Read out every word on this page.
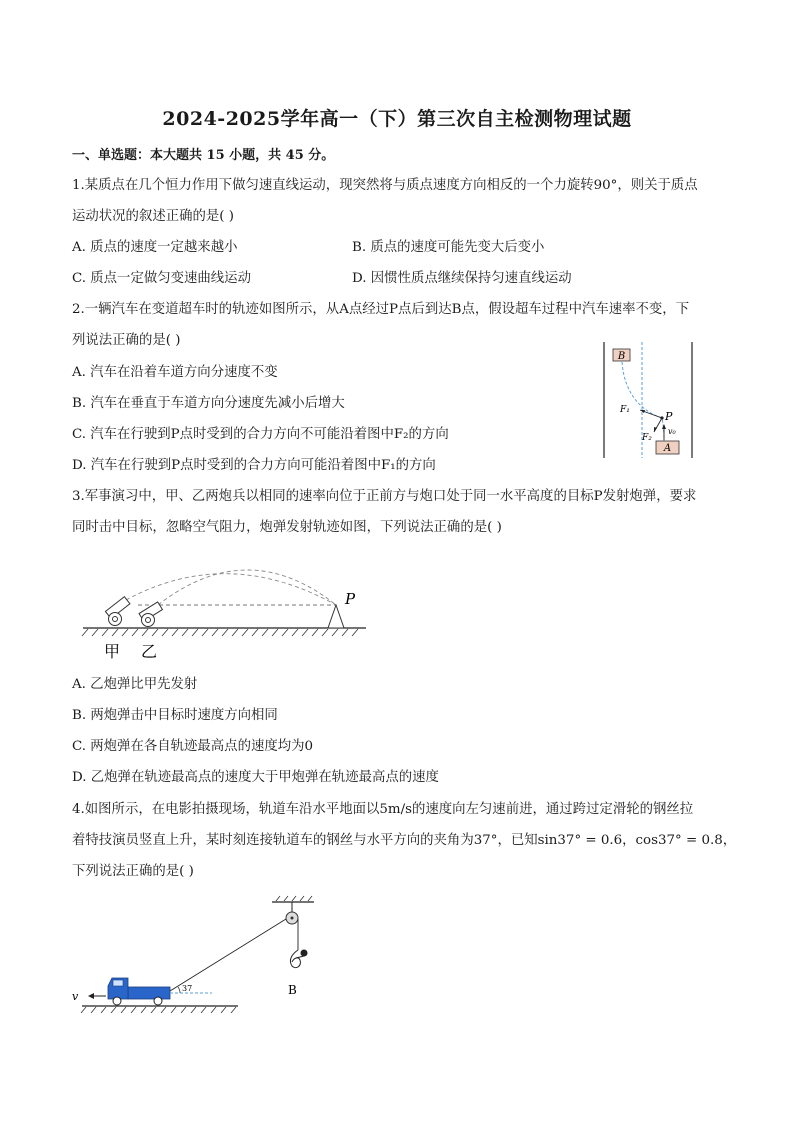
2024-2025学年高一（下）第三次自主检测物理试题
一、单选题：本大题共 15 小题，共 45 分。
1.某质点在几个恒力作用下做匀速直线运动，现突然将与质点速度方向相反的一个力旋转90°，则关于质点
运动状况的叙述正确的是( )
A. 质点的速度一定越来越小	B. 质点的速度可能先变大后变小
C. 质点一定做匀变速曲线运动	D. 因惯性质点继续保持匀速直线运动
2.一辆汽车在变道超车时的轨迹如图所示，从A点经过P点后到达B点，假设超车过程中汽车速率不变，下
列说法正确的是( )
A. 汽车在沿着车道方向分速度不变
B. 汽车在垂直于车道方向分速度先减小后增大
C. 汽车在行驶到P点时受到的合力方向不可能沿着图中F₂的方向
D. 汽车在行驶到P点时受到的合力方向可能沿着图中F₁的方向
B
A
P
F₁
F₂
v₀
3.军事演习中，甲、乙两炮兵以相同的速率向位于正前方与炮口处于同一水平高度的目标P发射炮弹，要求
同时击中目标，忽略空气阻力，炮弹发射轨迹如图，下列说法正确的是( )
P
甲 乙
A. 乙炮弹比甲先发射
B. 两炮弹击中目标时速度方向相同
C. 两炮弹在各自轨迹最高点的速度均为0
D. 乙炮弹在轨迹最高点的速度大于甲炮弹在轨迹最高点的速度
4.如图所示，在电影拍摄现场，轨道车沿水平地面以5m/s的速度向左匀速前进，通过跨过定滑轮的钢丝拉
着特技演员竖直上升，某时刻连接轨道车的钢丝与水平方向的夹角为37°，已知sin37° = 0.6，cos37° = 0.8，
下列说法正确的是( )
B
v
37
